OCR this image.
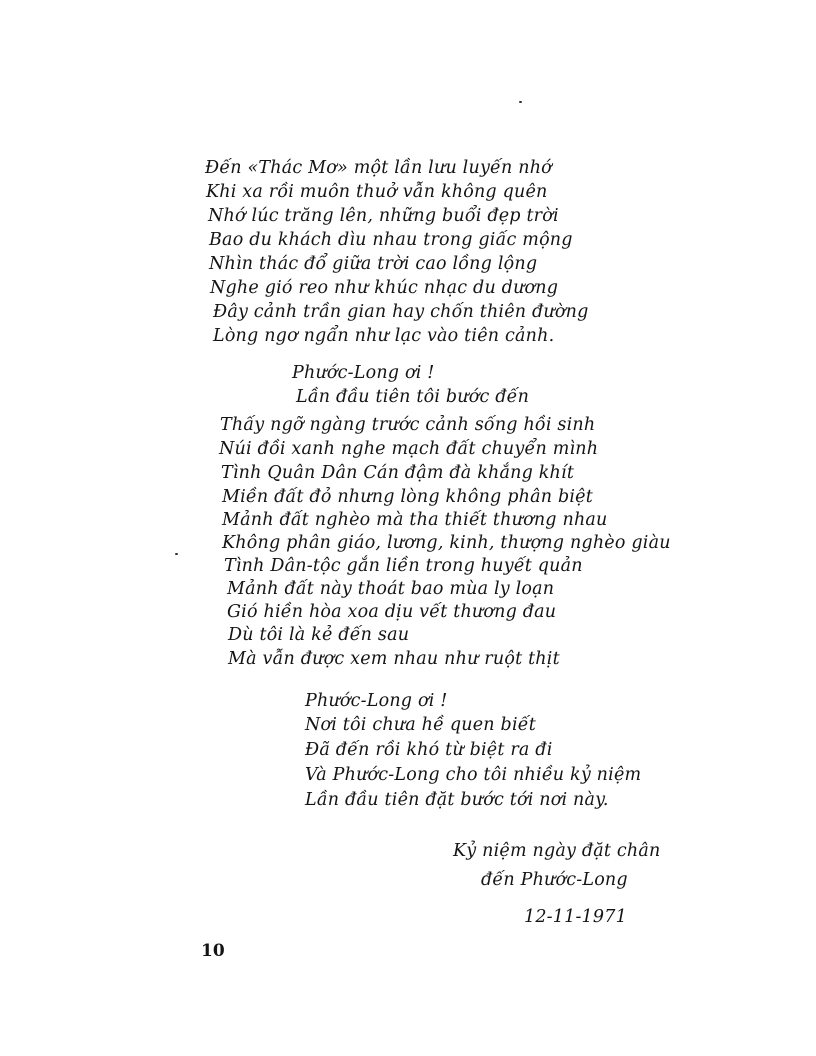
Đến «Thác Mơ» một lần lưu luyến nhớ
Khi xa rồi muôn thuở vẫn không quên
Nhớ lúc trăng lên, những buổi đẹp trời
Bao du khách dìu nhau trong giấc mộng
Nhìn thác đổ giữa trời cao lồng lộng
Nghe gió reo như khúc nhạc du dương
Đây cảnh trần gian hay chốn thiên đường
Lòng ngơ ngẩn như lạc vào tiên cảnh.
Phước-Long ơi !
Lần đầu tiên tôi bước đến
Thấy ngỡ ngàng trước cảnh sống hồi sinh
Núi đồi xanh nghe mạch đất chuyển mình
Tình Quân Dân Cán đậm đà khắng khít
Miền đất đỏ nhưng lòng không phân biệt
Mảnh đất nghèo mà tha thiết thương nhau
Không phân giáo, lương, kinh, thượng nghèo giàu
Tình Dân-tộc gắn liền trong huyết quản
Mảnh đất này thoát bao mùa ly loạn
Gió hiền hòa xoa dịu vết thương đau
Dù tôi là kẻ đến sau
Mà vẫn được xem nhau như ruột thịt
Phước-Long ơi !
Nơi tôi chưa hề quen biết
Đã đến rồi khó từ biệt ra đi
Và Phước-Long cho tôi nhiều kỷ niệm
Lần đầu tiên đặt bước tới nơi này.
Kỷ niệm ngày đặt chân
đến Phước-Long
12-11-1971
10
